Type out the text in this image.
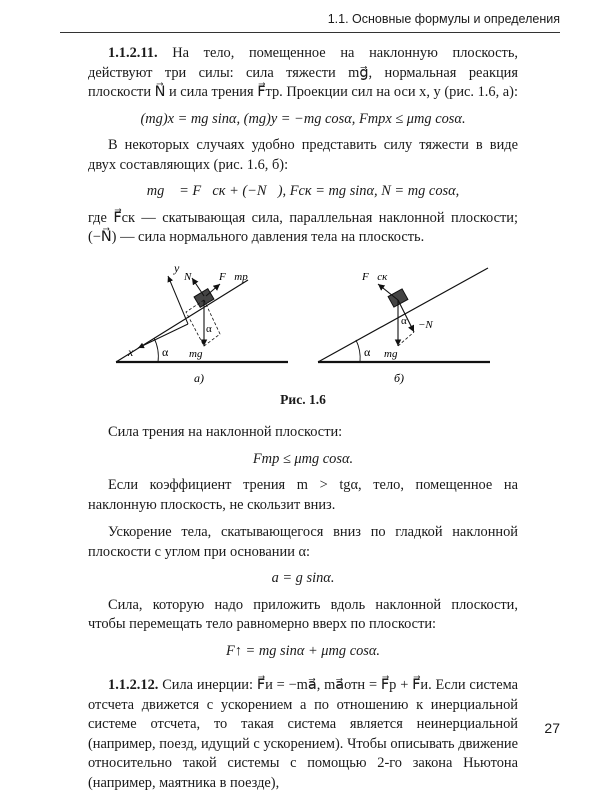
1.1. Основные формулы и определения

1.1.2.11. На тело, помещенное на наклонную плоскость, действуют три силы: сила тяжести mg⃗, нормальная реакция плоскости N⃗ и сила трения F⃗тр. Проекции сил на оси x, y (рис. 1.6, а):

(mg)x = mg sinα, (mg)y = −mg cosα, Fтрx ≤ μmg cosα.

В некоторых случаях удобно представить силу тяжести в виде двух составляющих (рис. 1.6, б):

mg⃗ = F⃗ск + (−N⃗), Fск = mg sinα, N = mg cosα,

где F⃗ск — скатывающая сила, параллельная наклонной плоскости; (−N⃗) — сила нормального давления тела на плоскость.

y
x
N⃗ F⃗тр
α
α
mg⃗
а)
F⃗ск
α
α −N⃗
mg⃗
б)
Рис. 1.6

Сила трения на наклонной плоскости:

Fтр ≤ μmg cosα.

Если коэффициент трения m > tgα, тело, помещенное на наклонную плоскость, не скользит вниз.

Ускорение тела, скатывающегося вниз по гладкой наклонной плоскости с углом при основании α:

a = g sinα.

Сила, которую надо приложить вдоль наклонной плоскости, чтобы перемещать тело равномерно вверх по плоскости:

F↑ = mg sinα + μmg cosα.

1.1.2.12. Сила инерции: F⃗и = −ma⃗, ma⃗отн = F⃗р + F⃗и. Если система отсчета движется с ускорением a по отношению к инерциальной системе отсчета, то такая система является неинерциальной (например, поезд, идущий с ускорением). Чтобы описывать движение относительно такой системы с помощью 2-го закона Ньютона (например, маятника в поезде),

27
